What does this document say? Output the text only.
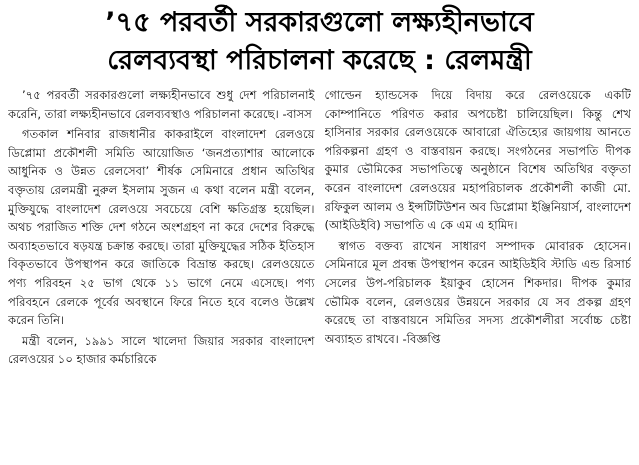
’৭৫ পরবর্তী সরকারগুলো লক্ষ্যহীনভাবে
রেলব্যবস্থা পরিচালনা করেছে : রেলমন্ত্রী

’৭৫ পরবর্তী সরকারগুলো লক্ষ্যহীনভাবে শুধু দেশ পরিচালনাই করেনি, তারা লক্ষ্যহীনভাবে রেলব্যবস্থাও পরিচালনা করেছে। -বাসস

গতকাল শনিবার রাজধানীর কাকরাইলে বাংলাদেশ রেলওয়ে ডিপ্লোমা প্রকৌশলী সমিতি আয়োজিত ‘জনপ্রত্যাশার আলোকে আধুনিক ও উন্নত রেলসেবা’ শীর্ষক সেমিনারে প্রধান অতিথির বক্তৃতায় রেলমন্ত্রী নুরুল ইসলাম সুজন এ কথা বলেন মন্ত্রী বলেন, মুক্তিযুদ্ধে বাংলাদেশ রেলওয়ে সবচেয়ে বেশি ক্ষতিগ্রস্ত হয়েছিল। অথচ পরাজিত শক্তি দেশ গঠনে অংশগ্রহণ না করে দেশের বিরুদ্ধে অব্যাহতভাবে ষড়যন্ত্র চক্রান্ত করছে। তারা মুক্তিযুদ্ধের সঠিক ইতিহাস বিকৃতভাবে উপস্থাপন করে জাতিকে বিভ্রান্ত করছে। রেলওয়েতে পণ্য পরিবহন ২৫ ভাগ থেকে ১১ ভাগে নেমে এসেছে। পণ্য পরিবহনে রেলকে পূর্বের অবস্থানে ফিরে নিতে হবে বলেও উল্লেখ করেন তিনি।

মন্ত্রী বলেন, ১৯৯১ সালে খালেদা জিয়ার সরকার বাংলাদেশ রেলওয়ের ১০ হাজার কর্মচারিকে

গোল্ডেন হ্যান্ডসেক দিয়ে বিদায় করে রেলওয়েকে একটি কোম্পানিতে পরিণত করার অপচেষ্টা চালিয়েছিল। কিন্তু শেখ হাসিনার সরকার রেলওয়েকে আবারো ঐতিহ্যের জায়গায় আনতে পরিকল্পনা গ্রহণ ও বাস্তবায়ন করছে। সংগঠনের সভাপতি দীপক কুমার ভৌমিকের সভাপতিত্বে অনুষ্ঠানে বিশেষ অতিথির বক্তৃতা করেন বাংলাদেশ রেলওয়ের মহাপরিচালক প্রকৌশলী কাজী মো. রফিকুল আলম ও ইন্সটিটিউশন অব ডিপ্লোমা ইঞ্জিনিয়ার্স, বাংলাদেশ (আইডিইবি) সভাপতি এ কে এম এ হামিদ।

স্বাগত বক্তব্য রাখেন সাধারণ সম্পাদক মোবারক হোসেন। সেমিনারে মূল প্রবন্ধ উপস্থাপন করেন আইডিইবি স্টাডি এন্ড রিসার্চ সেলের উপ-পরিচালক ইয়াকুব হোসেন শিকদার। দীপক কুমার ভৌমিক বলেন, রেলওয়ের উন্নয়নে সরকার যে সব প্রকল্প গ্রহণ করেছে তা বাস্তবায়নে সমিতির সদস্য প্রকৌশলীরা সর্বোচ্চ চেষ্টা অব্যাহত রাখবে। -বিজ্ঞপ্তি
